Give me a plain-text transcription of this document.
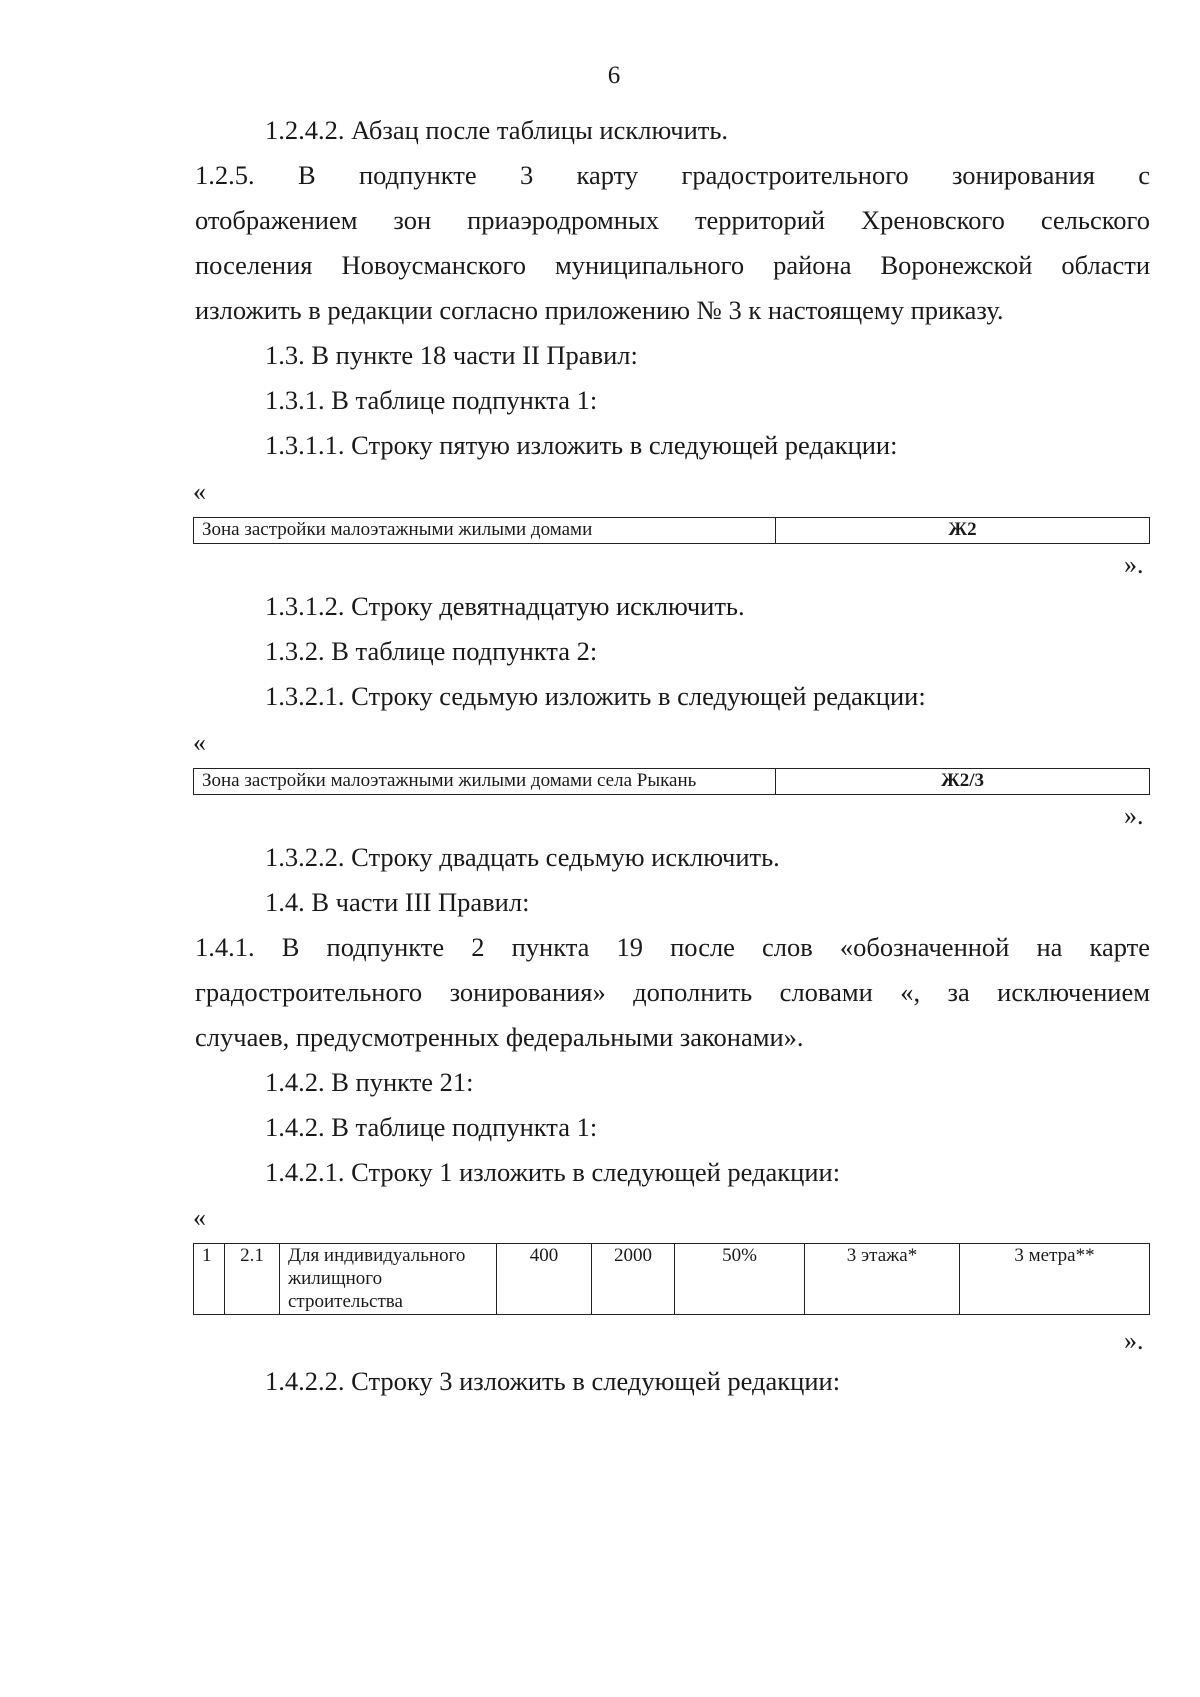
6
1.2.4.2. Абзац после таблицы исключить.
1.2.5. В подпункте 3 карту градостроительного зонирования с
отображением зон приаэродромных территорий Хреновского сельского
поселения Новоусманского муниципального района Воронежской области
изложить в редакции согласно приложению № 3 к настоящему приказу.
1.3. В пункте 18 части II Правил:
1.3.1. В таблице подпункта 1:
1.3.1.1. Строку пятую изложить в следующей редакции:
«
Зона застройки малоэтажными жилыми домами	Ж2
».
1.3.1.2. Строку девятнадцатую исключить.
1.3.2. В таблице подпункта 2:
1.3.2.1. Строку седьмую изложить в следующей редакции:
«
Зона застройки малоэтажными жилыми домами села Рыкань	Ж2/3
».
1.3.2.2. Строку двадцать седьмую исключить.
1.4. В части III Правил:
1.4.1. В подпункте 2 пункта 19 после слов «обозначенной на карте
градостроительного зонирования» дополнить словами «, за исключением
случаев, предусмотренных федеральными законами».
1.4.2. В пункте 21:
1.4.2. В таблице подпункта 1:
1.4.2.1. Строку 1 изложить в следующей редакции:
«
1	2.1	Для индивидуального жилищного строительства	400	2000	50%	3 этажа*	3 метра**
».
1.4.2.2. Строку 3 изложить в следующей редакции:
